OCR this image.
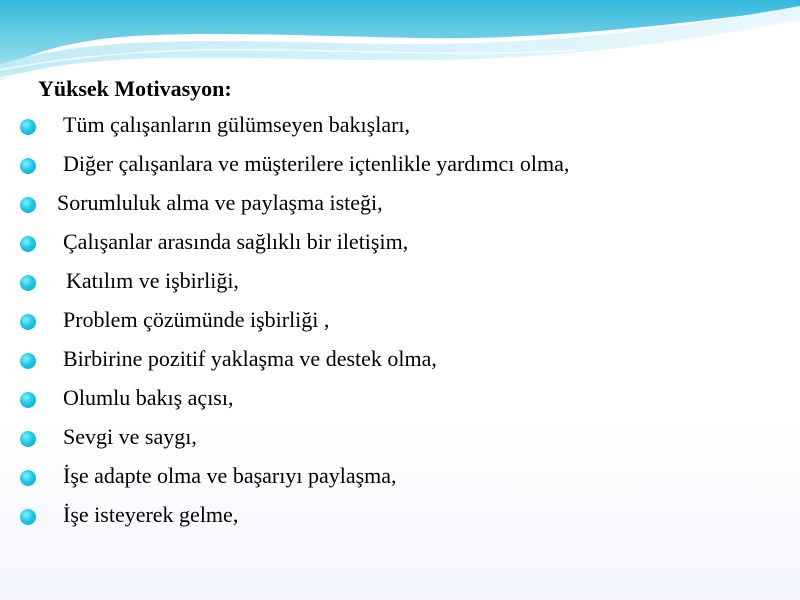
Yüksek Motivasyon:
Tüm çalışanların gülümseyen bakışları,
Diğer çalışanlara ve müşterilere içtenlikle yardımcı olma,
Sorumluluk alma ve paylaşma isteği,
Çalışanlar arasında sağlıklı bir iletişim,
Katılım ve işbirliği,
Problem çözümünde işbirliği ,
Birbirine pozitif yaklaşma ve destek olma,
Olumlu bakış açısı,
Sevgi ve saygı,
İşe adapte olma ve başarıyı paylaşma,
İşe isteyerek gelme,
